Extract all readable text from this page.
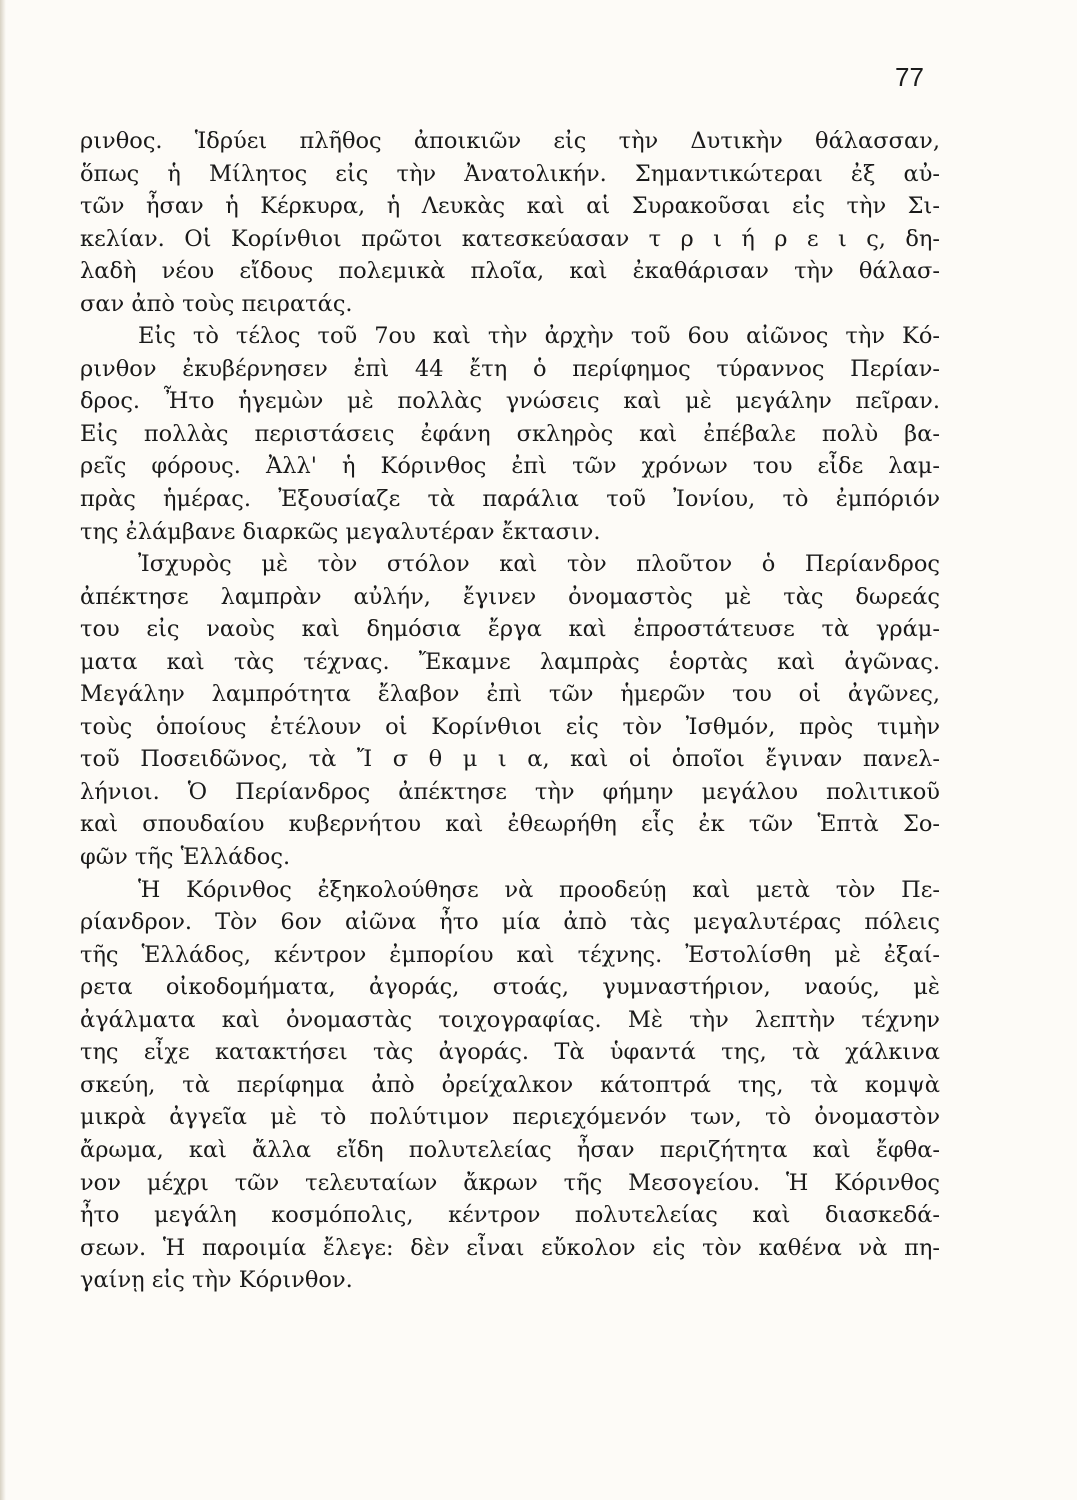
77
ρινθος. Ἱδρύει πλῆθος ἀποικιῶν εἰς τὴν Δυτικὴν θάλασσαν,
ὅπως ἡ Μίλητος εἰς τὴν Ἀνατολικήν. Σημαντικώτεραι ἐξ αὐ-
τῶν ἦσαν ἡ Κέρκυρα, ἡ Λευκὰς καὶ αἱ Συρακοῦσαι εἰς τὴν Σι-
κελίαν. Οἱ Κορίνθιοι πρῶτοι κατεσκεύασαν τ ρ ι ή ρ ε ι ς, δη-
λαδὴ νέου εἴδους πολεμικὰ πλοῖα, καὶ ἐκαθάρισαν τὴν θάλασ-
σαν ἀπὸ τοὺς πειρατάς.
Εἰς τὸ τέλος τοῦ 7ου καὶ τὴν ἀρχὴν τοῦ 6ου αἰῶνος τὴν Κό-
ρινθον ἐκυβέρνησεν ἐπὶ 44 ἔτη ὁ περίφημος τύραννος Περίαν-
δρος. Ἦτο ἡγεμὼν μὲ πολλὰς γνώσεις καὶ μὲ μεγάλην πεῖραν.
Εἰς πολλὰς περιστάσεις ἐφάνη σκληρὸς καὶ ἐπέβαλε πολὺ βα-
ρεῖς φόρους. Ἀλλ' ἡ Κόρινθος ἐπὶ τῶν χρόνων του εἶδε λαμ-
πρὰς ἡμέρας. Ἐξουσίαζε τὰ παράλια τοῦ Ἰονίου, τὸ ἐμπόριόν
της ἐλάμβανε διαρκῶς μεγαλυτέραν ἔκτασιν.
Ἰσχυρὸς μὲ τὸν στόλον καὶ τὸν πλοῦτον ὁ Περίανδρος
ἀπέκτησε λαμπρὰν αὐλήν, ἔγινεν ὀνομαστὸς μὲ τὰς δωρεάς
του εἰς ναοὺς καὶ δημόσια ἔργα καὶ ἐπροστάτευσε τὰ γράμ-
ματα καὶ τὰς τέχνας. Ἔκαμνε λαμπρὰς ἑορτὰς καὶ ἀγῶνας.
Μεγάλην λαμπρότητα ἔλαβον ἐπὶ τῶν ἡμερῶν του οἱ ἀγῶνες,
τοὺς ὁποίους ἐτέλουν οἱ Κορίνθιοι εἰς τὸν Ἰσθμόν, πρὸς τιμὴν
τοῦ Ποσειδῶνος, τὰ Ἴ σ θ μ ι α, καὶ οἱ ὁποῖοι ἔγιναν πανελ-
λήνιοι. Ὁ Περίανδρος ἀπέκτησε τὴν φήμην μεγάλου πολιτικοῦ
καὶ σπουδαίου κυβερνήτου καὶ ἐθεωρήθη εἷς ἐκ τῶν Ἑπτὰ Σο-
φῶν τῆς Ἑλλάδος.
Ἡ Κόρινθος ἐξηκολούθησε νὰ προοδεύῃ καὶ μετὰ τὸν Πε-
ρίανδρον. Τὸν 6ον αἰῶνα ἦτο μία ἀπὸ τὰς μεγαλυτέρας πόλεις
τῆς Ἑλλάδος, κέντρον ἐμπορίου καὶ τέχνης. Ἐστολίσθη μὲ ἐξαί-
ρετα οἰκοδομήματα, ἀγοράς, στοάς, γυμναστήριον, ναούς, μὲ
ἀγάλματα καὶ ὀνομαστὰς τοιχογραφίας. Μὲ τὴν λεπτὴν τέχνην
της εἶχε κατακτήσει τὰς ἀγοράς. Τὰ ὑφαντά της, τὰ χάλκινα
σκεύη, τὰ περίφημα ἀπὸ ὀρείχαλκον κάτοπτρά της, τὰ κομψὰ
μικρὰ ἀγγεῖα μὲ τὸ πολύτιμον περιεχόμενόν των, τὸ ὀνομαστὸν
ἄρωμα, καὶ ἄλλα εἴδη πολυτελείας ἦσαν περιζήτητα καὶ ἔφθα-
νον μέχρι τῶν τελευταίων ἄκρων τῆς Μεσογείου. Ἡ Κόρινθος
ἦτο μεγάλη κοσμόπολις, κέντρον πολυτελείας καὶ διασκεδά-
σεων. Ἡ παροιμία ἔλεγε: δὲν εἶναι εὔκολον εἰς τὸν καθένα νὰ πη-
γαίνῃ εἰς τὴν Κόρινθον.
